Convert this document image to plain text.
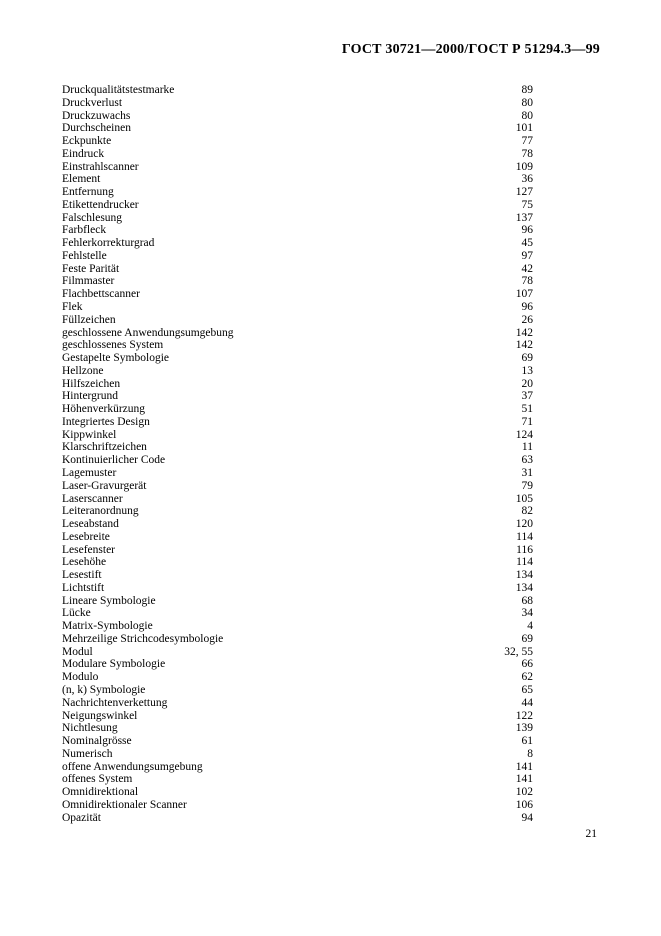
ГОСТ 30721—2000/ГОСТ Р 51294.3—99
Druckqualitätstestmarke	89
Druckverlust	80
Druckzuwachs	80
Durchscheinen	101
Eckpunkte	77
Eindruck	78
Einstrahlscanner	109
Element	36
Entfernung	127
Etikettendrucker	75
Falschlesung	137
Farbfleck	96
Fehlerkorrekturgrad	45
Fehlstelle	97
Feste Parität	42
Filmmaster	78
Flachbettscanner	107
Flek	96
Füllzeichen	26
geschlossene Anwendungsumgebung	142
geschlossenes System	142
Gestapelte Symbologie	69
Hellzone	13
Hilfszeichen	20
Hintergrund	37
Höhenverkürzung	51
Integriertes Design	71
Kippwinkel	124
Klarschriftzeichen	11
Kontinuierlicher Code	63
Lagemuster	31
Laser-Gravurgerät	79
Laserscanner	105
Leiteranordnung	82
Leseabstand	120
Lesebreite	114
Lesefenster	116
Lesehöhe	114
Lesestift	134
Lichtstift	134
Lineare Symbologie	68
Lücke	34
Matrix-Symbologie	4
Mehrzeilige Strichcodesymbologie	69
Modul	32, 55
Modulare Symbologie	66
Modulo	62
(n, k) Symbologie	65
Nachrichtenverkettung	44
Neigungswinkel	122
Nichtlesung	139
Nominalgrösse	61
Numerisch	8
offene Anwendungsumgebung	141
offenes System	141
Omnidirektional	102
Omnidirektionaler Scanner	106
Opazität	94
21
